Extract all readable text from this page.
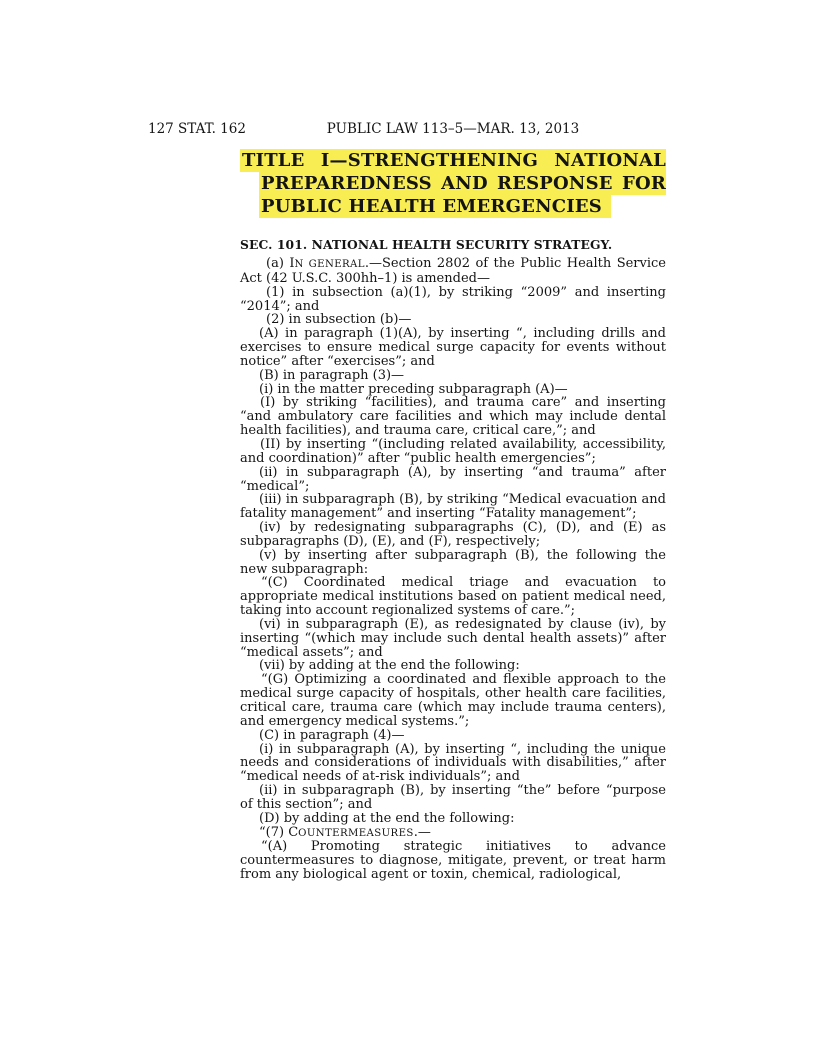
127 STAT. 162	PUBLIC LAW 113–5—MAR. 13, 2013
TITLE I—STRENGTHENING NATIONAL
PREPAREDNESS AND RESPONSE FOR
PUBLIC HEALTH EMERGENCIES
SEC. 101. NATIONAL HEALTH SECURITY STRATEGY.

(a) IN GENERAL.—Section 2802 of the Public Health Service Act (42 U.S.C. 300hh–1) is amended—

(1) in subsection (a)(1), by striking “2009” and inserting “2014”; and

(2) in subsection (b)—

(A) in paragraph (1)(A), by inserting “, including drills and exercises to ensure medical surge capacity for events without notice” after “exercises”; and

(B) in paragraph (3)—

(i) in the matter preceding subparagraph (A)—

(I) by striking “facilities), and trauma care” and inserting “and ambulatory care facilities and which may include dental health facilities), and trauma care, critical care,”; and

(II) by inserting “(including related availability, accessibility, and coordination)” after “public health emergencies”;

(ii) in subparagraph (A), by inserting “and trauma” after “medical”;

(iii) in subparagraph (B), by striking “Medical evacuation and fatality management” and inserting “Fatality management”;

(iv) by redesignating subparagraphs (C), (D), and (E) as subparagraphs (D), (E), and (F), respectively;

(v) by inserting after subparagraph (B), the following the new subparagraph:

“(C) Coordinated medical triage and evacuation to appropriate medical institutions based on patient medical need, taking into account regionalized systems of care.”;

(vi) in subparagraph (E), as redesignated by clause (iv), by inserting “(which may include such dental health assets)” after “medical assets”; and

(vii) by adding at the end the following:

“(G) Optimizing a coordinated and flexible approach to the medical surge capacity of hospitals, other health care facilities, critical care, trauma care (which may include trauma centers), and emergency medical systems.”;

(C) in paragraph (4)—

(i) in subparagraph (A), by inserting “, including the unique needs and considerations of individuals with disabilities,” after “medical needs of at-risk individuals”; and

(ii) in subparagraph (B), by inserting “the” before “purpose of this section”; and

(D) by adding at the end the following:

“(7) COUNTERMEASURES.—

“(A) Promoting strategic initiatives to advance countermeasures to diagnose, mitigate, prevent, or treat harm from any biological agent or toxin, chemical, radiological,
